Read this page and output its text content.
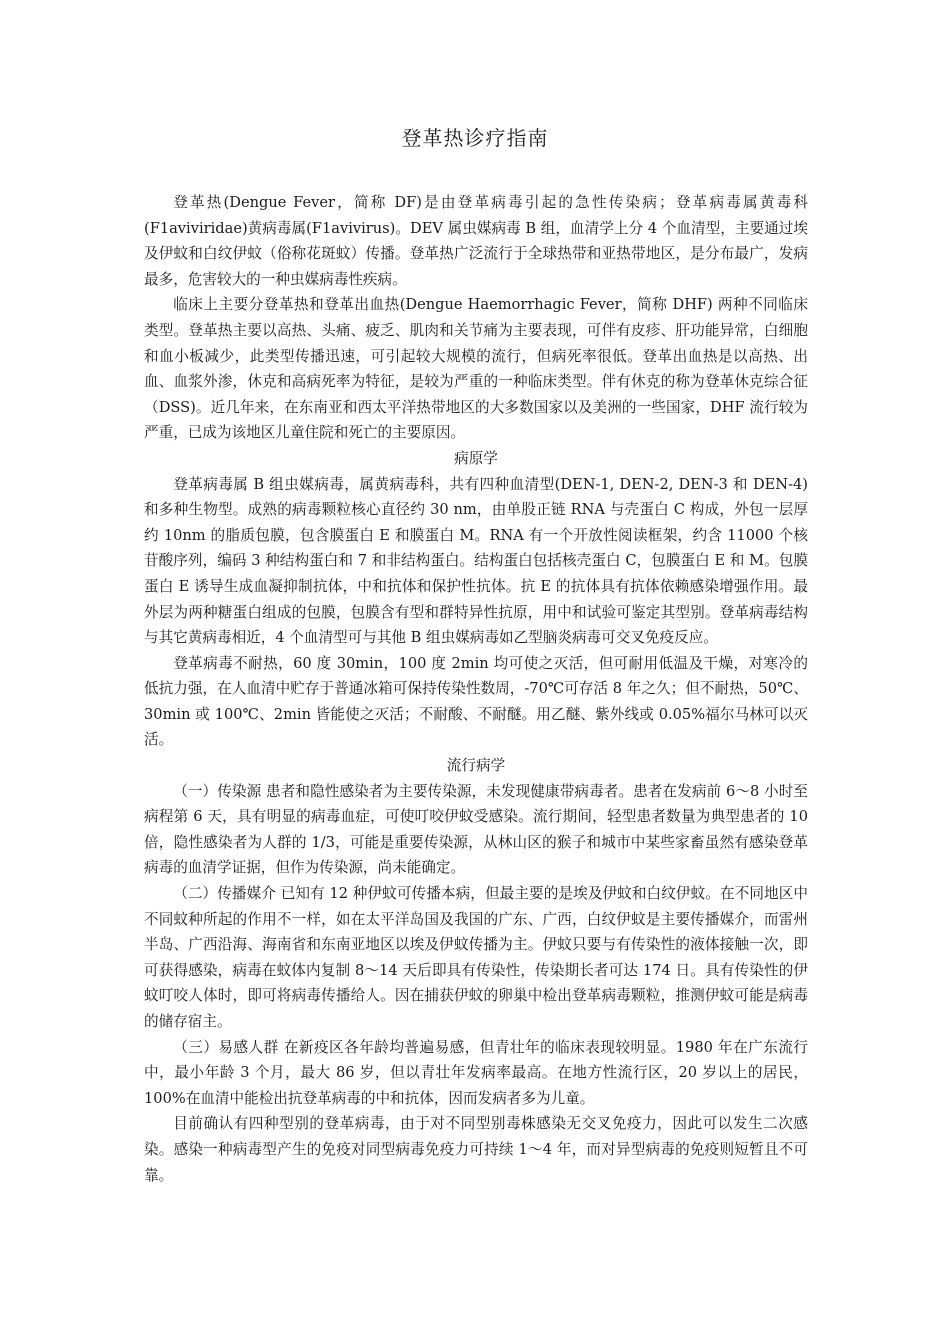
登革热诊疗指南

登革热(Dengue Fever，简称 DF)是由登革病毒引起的急性传染病；登革病毒属黄毒科(F1aviviridae)黄病毒属(F1avivirus)。DEV 属虫媒病毒 B 组，血清学上分 4 个血清型，主要通过埃及伊蚊和白纹伊蚊（俗称花斑蚊）传播。登革热广泛流行于全球热带和亚热带地区，是分布最广，发病最多，危害较大的一种虫媒病毒性疾病。

临床上主要分登革热和登革出血热(Dengue Haemorrhagic Fever，简称 DHF) 两种不同临床类型。登革热主要以高热、头痛、疲乏、肌肉和关节痛为主要表现，可伴有皮疹、肝功能异常，白细胞和血小板减少，此类型传播迅速，可引起较大规模的流行，但病死率很低。登革出血热是以高热、出血、血浆外渗，休克和高病死率为特征，是较为严重的一种临床类型。伴有休克的称为登革休克综合征（DSS)。近几年来，在东南亚和西太平洋热带地区的大多数国家以及美洲的一些国家，DHF 流行较为严重，已成为该地区儿童住院和死亡的主要原因。

病原学

登革病毒属 B 组虫媒病毒，属黄病毒科，共有四种血清型(DEN-1, DEN-2, DEN-3 和 DEN-4)和多种生物型。成熟的病毒颗粒核心直径约 30 nm，由单股正链 RNA 与壳蛋白 C 构成，外包一层厚约 10nm 的脂质包膜，包含膜蛋白 E 和膜蛋白 M。RNA 有一个开放性阅读框架，约含 11000 个核苷酸序列，编码 3 种结构蛋白和 7 和非结构蛋白。结构蛋白包括核壳蛋白 C，包膜蛋白 E 和 M。包膜蛋白 E 诱导生成血凝抑制抗体，中和抗体和保护性抗体。抗 E 的抗体具有抗体依赖感染增强作用。最外层为两种糖蛋白组成的包膜，包膜含有型和群特异性抗原，用中和试验可鉴定其型别。登革病毒结构与其它黄病毒相近，4 个血清型可与其他 B 组虫媒病毒如乙型脑炎病毒可交叉免疫反应。

登革病毒不耐热，60 度 30min，100 度 2min 均可使之灭活，但可耐用低温及干燥，对寒冷的低抗力强，在人血清中贮存于普通冰箱可保持传染性数周，-70℃可存活 8 年之久；但不耐热，50℃、30min 或 100℃、2min 皆能使之灭活；不耐酸、不耐醚。用乙醚、紫外线或 0.05%福尔马林可以灭活。

流行病学

（一）传染源 患者和隐性感染者为主要传染源，未发现健康带病毒者。患者在发病前 6～8 小时至病程第 6 天，具有明显的病毒血症，可使叮咬伊蚊受感染。流行期间，轻型患者数量为典型患者的 10 倍，隐性感染者为人群的 1/3，可能是重要传染源，从林山区的猴子和城市中某些家畜虽然有感染登革病毒的血清学证据，但作为传染源，尚未能确定。

（二）传播媒介 已知有 12 种伊蚊可传播本病，但最主要的是埃及伊蚊和白纹伊蚊。在不同地区中不同蚊种所起的作用不一样，如在太平洋岛国及我国的广东、广西，白纹伊蚊是主要传播媒介，而雷州半岛、广西沿海、海南省和东南亚地区以埃及伊蚊传播为主。伊蚊只要与有传染性的液体接触一次，即可获得感染，病毒在蚊体内复制 8～14 天后即具有传染性，传染期长者可达 174 日。具有传染性的伊蚊叮咬人体时，即可将病毒传播给人。因在捕获伊蚊的卵巢中检出登革病毒颗粒，推测伊蚊可能是病毒的储存宿主。

（三）易感人群 在新疫区各年龄均普遍易感，但青壮年的临床表现较明显。1980 年在广东流行中，最小年龄 3 个月，最大 86 岁，但以青壮年发病率最高。在地方性流行区，20 岁以上的居民，100%在血清中能检出抗登革病毒的中和抗体，因而发病者多为儿童。

目前确认有四种型别的登革病毒，由于对不同型别毒株感染无交叉免疫力，因此可以发生二次感染。感染一种病毒型产生的免疫对同型病毒免疫力可持续 1～4 年，而对异型病毒的免疫则短暂且不可靠。
